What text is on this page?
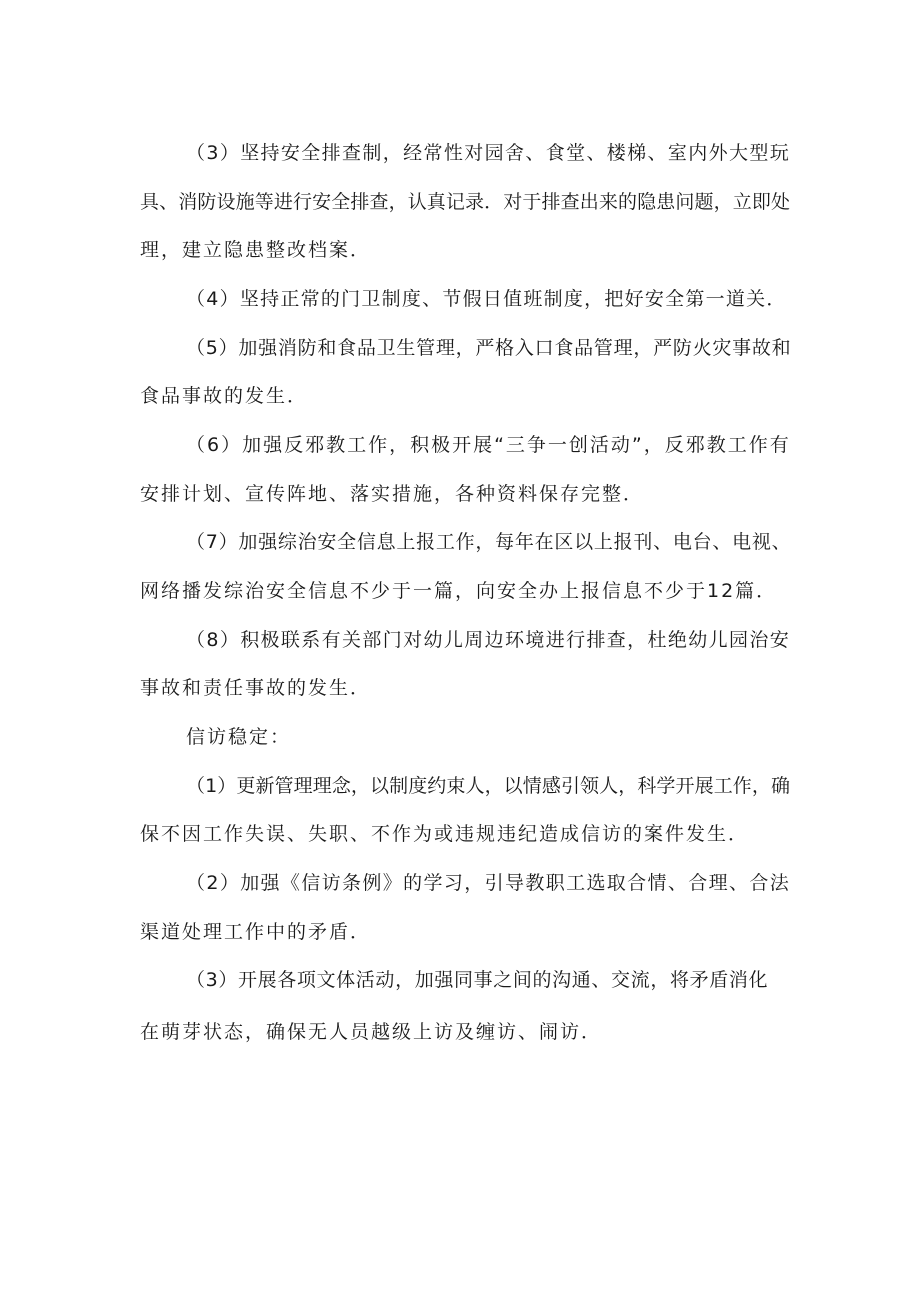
（3）坚持安全排查制，经常性对园舍、食堂、楼梯、室内外大型玩
具、消防设施等进行安全排查，认真记录．对于排查出来的隐患问题，立即处
理，建立隐患整改档案．
（4）坚持正常的门卫制度、节假日值班制度，把好安全第一道关．
（5）加强消防和食品卫生管理，严格入口食品管理，严防火灾事故和
食品事故的发生．
（6）加强反邪教工作，积极开展“三争一创活动”，反邪教工作有
安排计划、宣传阵地、落实措施，各种资料保存完整．
（7）加强综治安全信息上报工作，每年在区以上报刊、电台、电视、
网络播发综治安全信息不少于一篇，向安全办上报信息不少于12篇．
（8）积极联系有关部门对幼儿周边环境进行排查，杜绝幼儿园治安
事故和责任事故的发生．
信访稳定：
（1）更新管理理念，以制度约束人，以情感引领人，科学开展工作，确
保不因工作失误、失职、不作为或违规违纪造成信访的案件发生．
（2）加强《信访条例》的学习，引导教职工选取合情、合理、合法
渠道处理工作中的矛盾．
（3）开展各项文体活动，加强同事之间的沟通、交流，将矛盾消化
在萌芽状态，确保无人员越级上访及缠访、闹访．
